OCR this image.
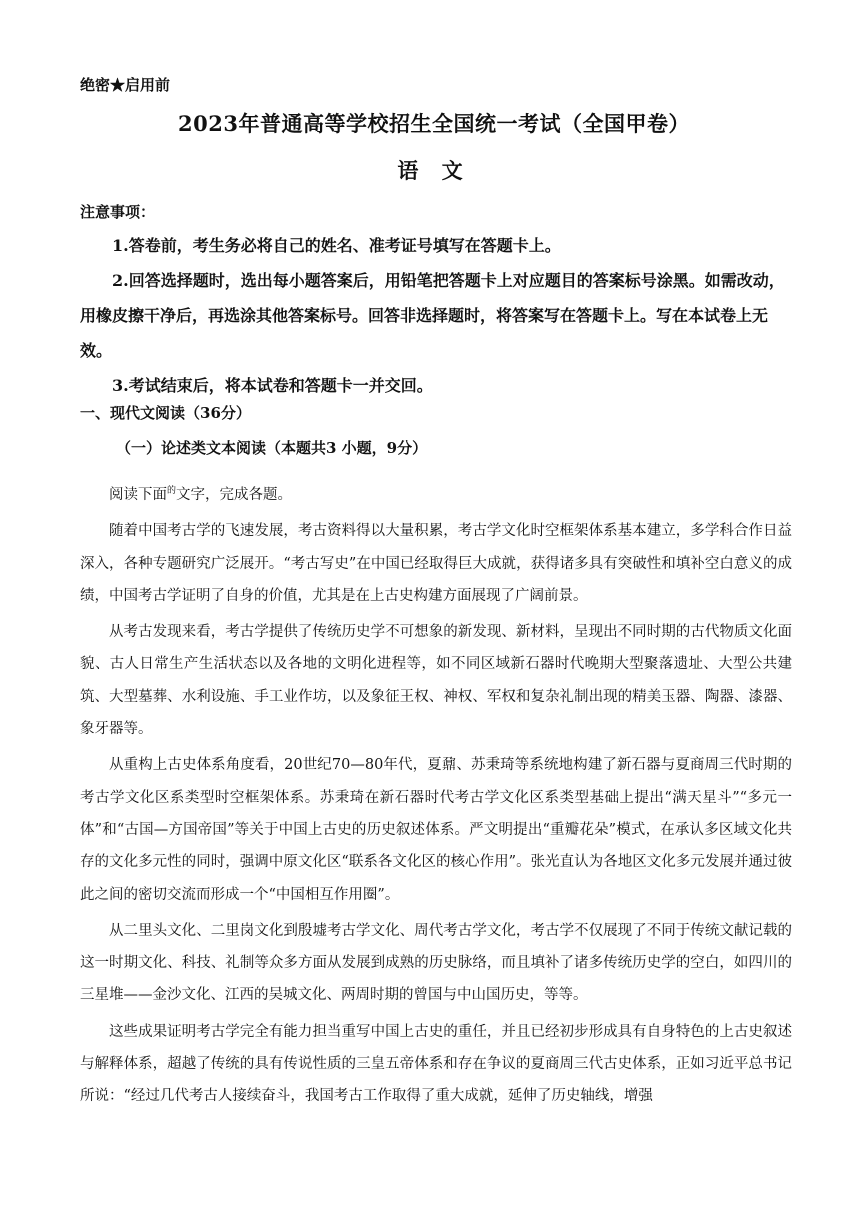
绝密★启用前
2023年普通高等学校招生全国统一考试（全国甲卷）
语 文
注意事项：

1.答卷前，考生务必将自己的姓名、准考证号填写在答题卡上。

2.回答选择题时，选出每小题答案后，用铅笔把答题卡上对应题目的答案标号涂黑。如需改动，用橡皮擦干净后，再选涂其他答案标号。回答非选择题时，将答案写在答题卡上。写在本试卷上无效。

3.考试结束后，将本试卷和答题卡一并交回。

一、现代文阅读（36分）
（一）论述类文本阅读（本题共3 小题，9分）

阅读下面$^的$文字，完成各题。

随着中国考古学的飞速发展，考古资料得以大量积累，考古学文化时空框架体系基本建立，多学科合作日益深入，各种专题研究广泛展开。“考古写史”在中国已经取得巨大成就，获得诸多具有突破性和填补空白意义的成绩，中国考古学证明了自身的价值，尤其是在上古史构建方面展现了广阔前景。

从考古发现来看，考古学提供了传统历史学不可想象的新发现、新材料，呈现出不同时期的古代物质文化面貌、古人日常生产生活状态以及各地的文明化进程等，如不同区域新石器时代晚期大型聚落遗址、大型公共建筑、大型墓葬、水利设施、手工业作坊，以及象征王权、神权、军权和复杂礼制出现的精美玉器、陶器、漆器、象牙器等。

从重构上古史体系角度看，20世纪70—80年代，夏鼐、苏秉琦等系统地构建了新石器与夏商周三代时期的考古学文化区系类型时空框架体系。苏秉琦在新石器时代考古学文化区系类型基础上提出“满天星斗”“多元一体”和“古国—方国帝国”等关于中国上古史的历史叙述体系。严文明提出“重瓣花朵”模式，在承认多区域文化共存的文化多元性的同时，强调中原文化区“联系各文化区的核心作用”。张光直认为各地区文化多元发展并通过彼此之间的密切交流而形成一个“中国相互作用圈”。

从二里头文化、二里岗文化到殷墟考古学文化、周代考古学文化，考古学不仅展现了不同于传统文献记载的这一时期文化、科技、礼制等众多方面从发展到成熟的历史脉络，而且填补了诸多传统历史学的空白，如四川的三星堆——金沙文化、江西的吴城文化、两周时期的曾国与中山国历史，等等。

这些成果证明考古学完全有能力担当重写中国上古史的重任，并且已经初步形成具有自身特色的上古史叙述与解释体系，超越了传统的具有传说性质的三皇五帝体系和存在争议的夏商周三代古史体系，正如习近平总书记所说：“经过几代考古人接续奋斗，我国考古工作取得了重大成就，延伸了历史轴线，增强
